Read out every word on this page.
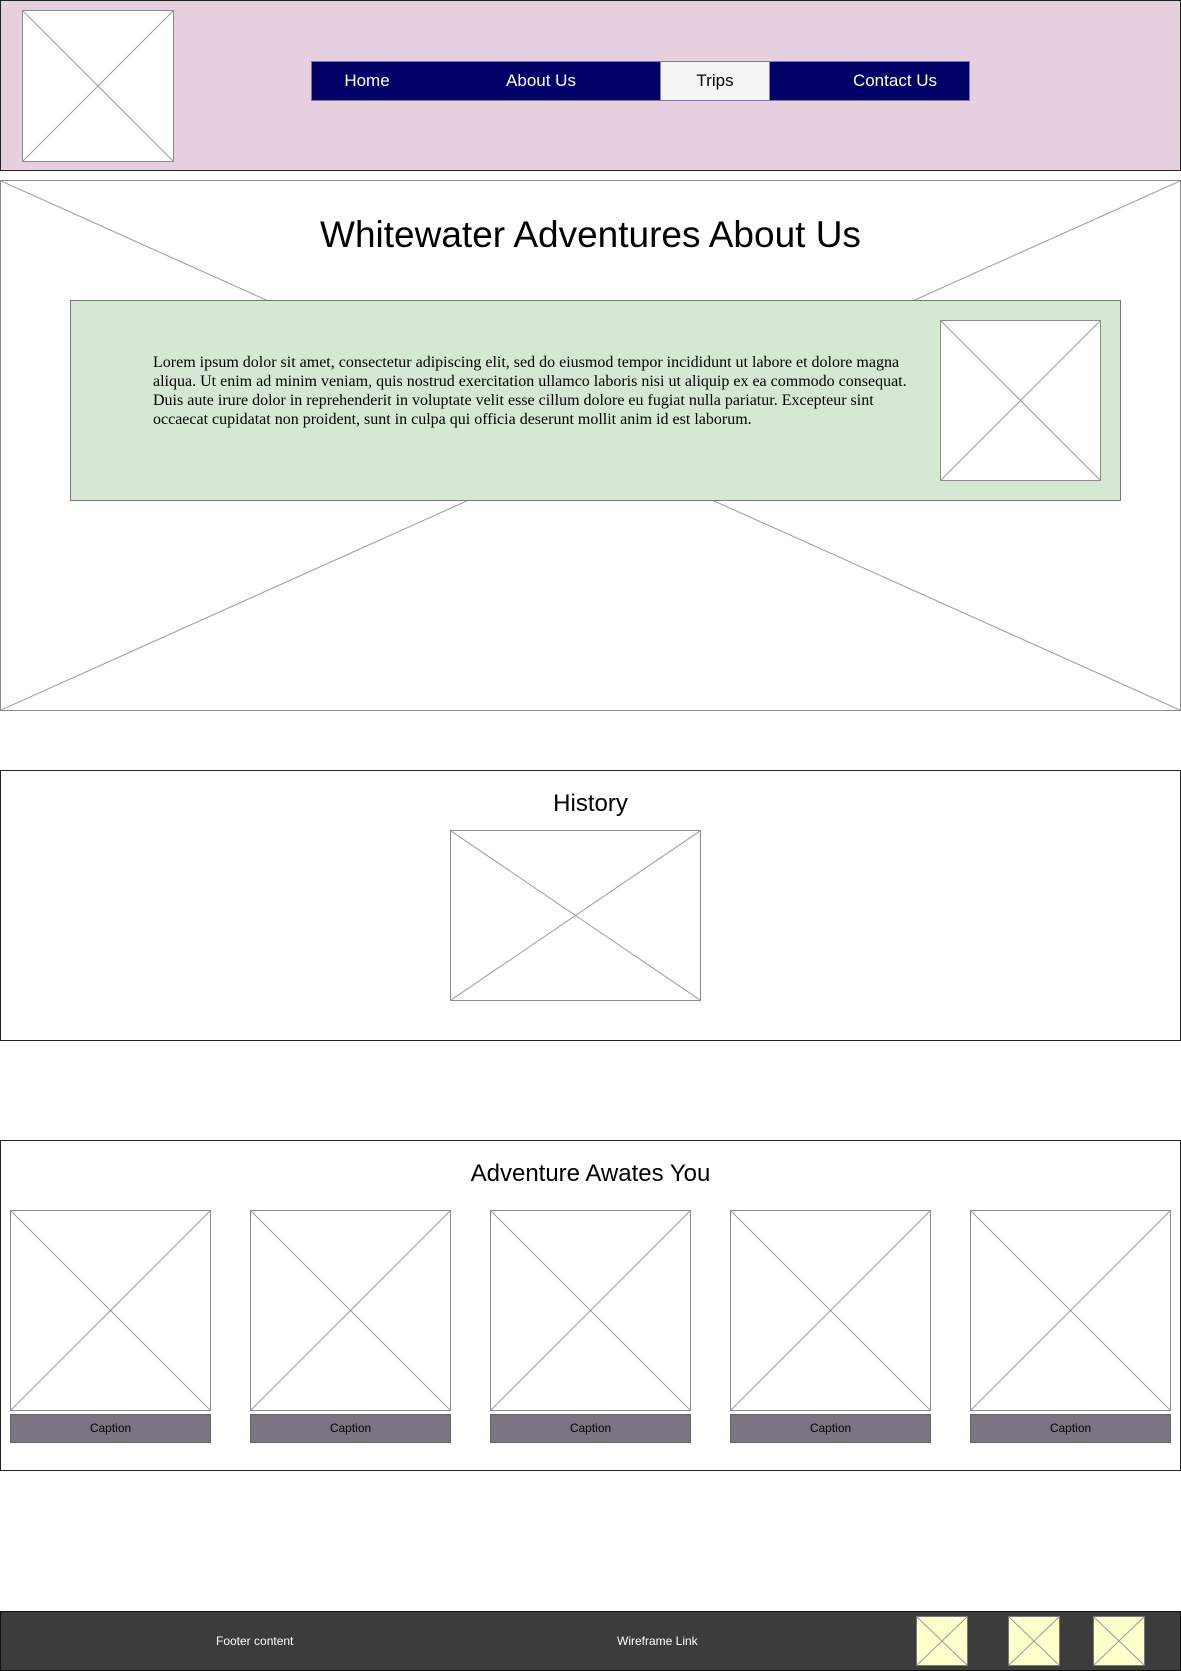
Home	About Us	Trips	Contact Us
Whitewater Adventures About Us

Lorem ipsum dolor sit amet, consectetur adipiscing elit, sed do eiusmod tempor incididunt ut labore et dolore magna aliqua. Ut enim ad minim veniam, quis nostrud exercitation ullamco laboris nisi ut aliquip ex ea commodo consequat. Duis aute irure dolor in reprehenderit in voluptate velit esse cillum dolore eu fugiat nulla pariatur. Excepteur sint occaecat cupidatat non proident, sunt in culpa qui officia deserunt mollit anim id est laborum.

History
Adventure Awates You
Caption	Caption	Caption	Caption	Caption
Footer content	Wireframe Link
